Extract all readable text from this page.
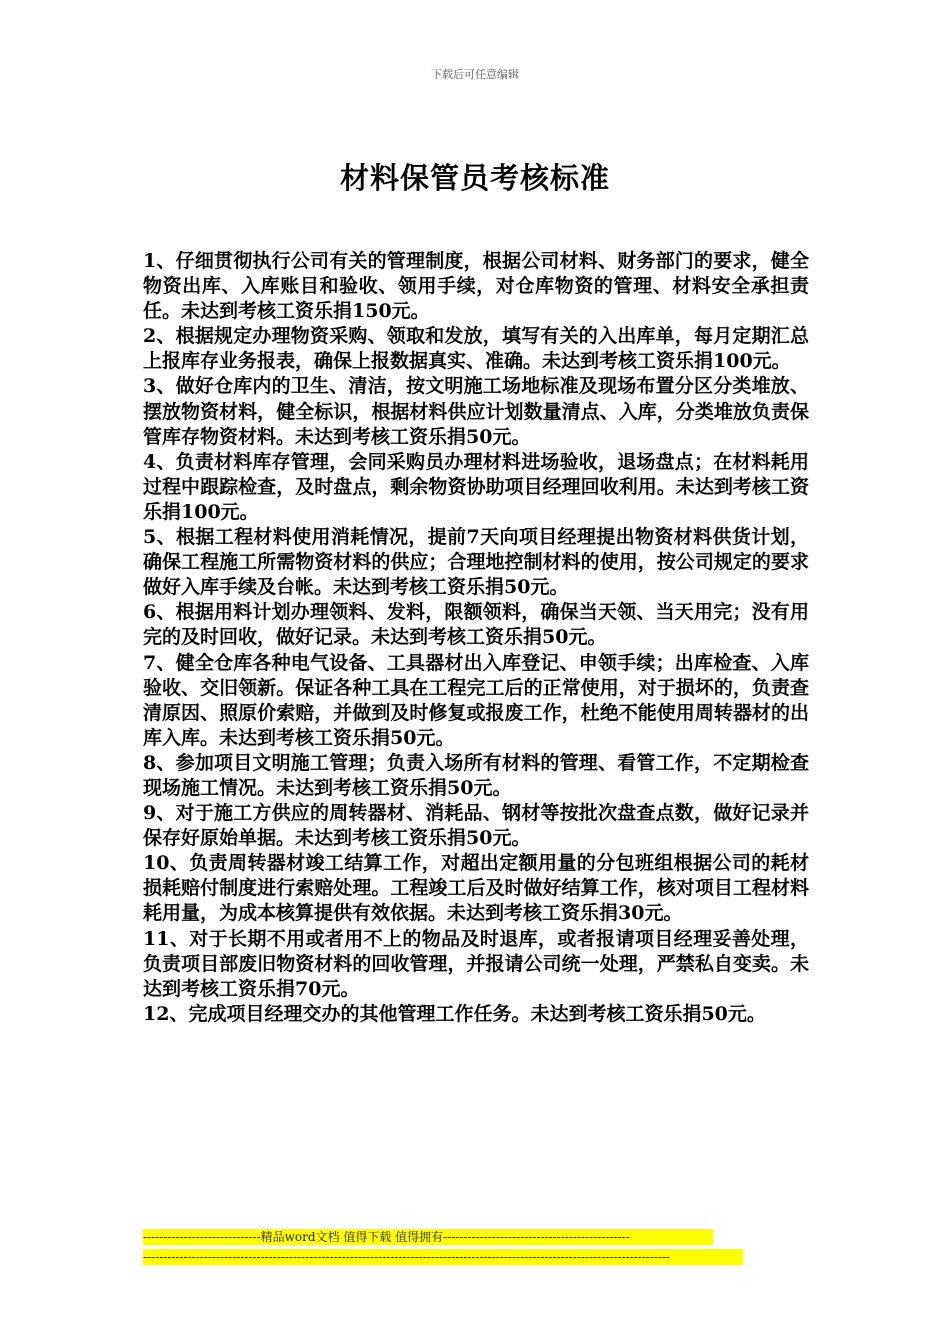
下载后可任意编辑
材料保管员考核标准

1、仔细贯彻执行公司有关的管理制度，根据公司材料、财务部门的要求，健全物资出库、入库账目和验收、领用手续，对仓库物资的管理、材料安全承担责任。未达到考核工资乐捐150元。

2、根据规定办理物资采购、领取和发放，填写有关的入出库单，每月定期汇总上报库存业务报表，确保上报数据真实、准确。未达到考核工资乐捐100元。

3、做好仓库内的卫生、清洁，按文明施工场地标准及现场布置分区分类堆放、摆放物资材料，健全标识，根据材料供应计划数量清点、入库，分类堆放负责保管库存物资材料。未达到考核工资乐捐50元。

4、负责材料库存管理，会同采购员办理材料进场验收，退场盘点；在材料耗用过程中跟踪检查，及时盘点，剩余物资协助项目经理回收利用。未达到考核工资乐捐100元。

5、根据工程材料使用消耗情况，提前7天向项目经理提出物资材料供货计划，确保工程施工所需物资材料的供应；合理地控制材料的使用，按公司规定的要求做好入库手续及台帐。未达到考核工资乐捐50元。

6、根据用料计划办理领料、发料，限额领料，确保当天领、当天用完；没有用完的及时回收，做好记录。未达到考核工资乐捐50元。

7、健全仓库各种电气设备、工具器材出入库登记、申领手续；出库检查、入库验收、交旧领新。保证各种工具在工程完工后的正常使用，对于损坏的，负责查清原因、照原价索赔，并做到及时修复或报废工作，杜绝不能使用周转器材的出库入库。未达到考核工资乐捐50元。

8、参加项目文明施工管理；负责入场所有材料的管理、看管工作，不定期检查现场施工情况。未达到考核工资乐捐50元。

9、对于施工方供应的周转器材、消耗品、钢材等按批次盘查点数，做好记录并保存好原始单据。未达到考核工资乐捐50元。

10、负责周转器材竣工结算工作，对超出定额用量的分包班组根据公司的耗材损耗赔付制度进行索赔处理。工程竣工后及时做好结算工作，核对项目工程材料耗用量，为成本核算提供有效依据。未达到考核工资乐捐30元。

11、对于长期不用或者用不上的物品及时退库，或者报请项目经理妥善处理，负责项目部废旧物资材料的回收管理，并报请公司统一处理，严禁私自变卖。未达到考核工资乐捐70元。

12、完成项目经理交办的其他管理工作任务。未达到考核工资乐捐50元。

-----------------------------精品word文档 值得下载 值得拥有----------------------------------------------
----------------------------------------------------------------------------------------------------------------------------------
